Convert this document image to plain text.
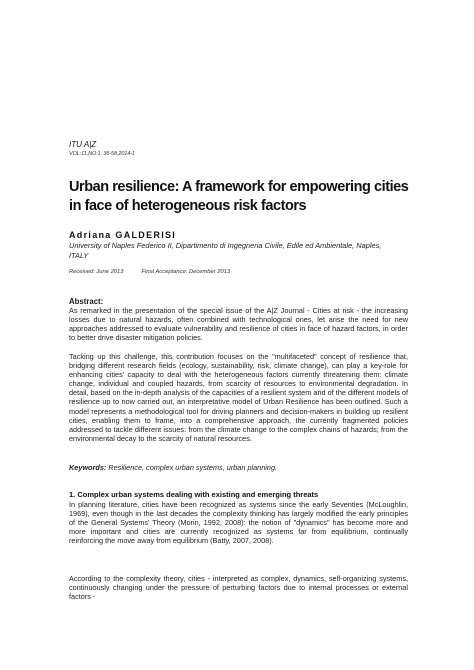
ITU A|Z

VOL:11,NO:1, 36-58,2014-1

Urban resilience: A framework for empowering cities in face of heterogeneous risk factors

Adriana GALDERISI

University of Naples Federico II, Dipartimento di Ingegneria Civile, Edile ed Ambientale, Naples, ITALY

Received: June 2013	Final Acceptance: December 2013

Abstract:

As remarked in the presentation of the special issue of the A|Z Journal - Cities at risk - the increasing losses due to natural hazards, often combined with technological ones, let arise the need for new approaches addressed to evaluate vulnerability and resilience of cities in face of hazard factors, in order to better drive disaster mitigation policies.

Tacking up this challenge, this contribution focuses on the "multifaceted" concept of resilience that, bridging different research fields (ecology, sustainability, risk, climate change), can play a key-role for enhancing cities' capacity to deal with the heterogeneous factors currently threatening them: climate change, individual and coupled hazards, from scarcity of resources to environmental degradation. In detail, based on the in-depth analysis of the capacities of a resilient system and of the different models of resilience up to now carried out, an interpretative model of Urban Resilience has been outlined. Such a model represents a methodological tool for driving planners and decision-makers in building up resilient cities, enabling them to frame, into a comprehensive approach, the currently fragmented policies addressed to tackle different issues: from the climate change to the complex chains of hazards; from the environmental decay to the scarcity of natural resources.

Keywords: Resilience, complex urban systems, urban planning.

1. Complex urban systems dealing with existing and emerging threats

In planning literature, cities have been recognized as systems since the early Seventies (McLoughlin, 1969), even though in the last decades the complexity thinking has largely modified the early principles of the General Systems' Theory (Morin, 1992, 2008): the notion of "dynamics" has become more and more important and cities are currently recognized as systems far from equilibrium, continually reinforcing the move away from equilibrium (Batty, 2007, 2008).

According to the complexity theory, cities - interpreted as complex, dynamics, self-organizing systems, continuously changing under the pressure of perturbing factors due to internal processes or external factors -
